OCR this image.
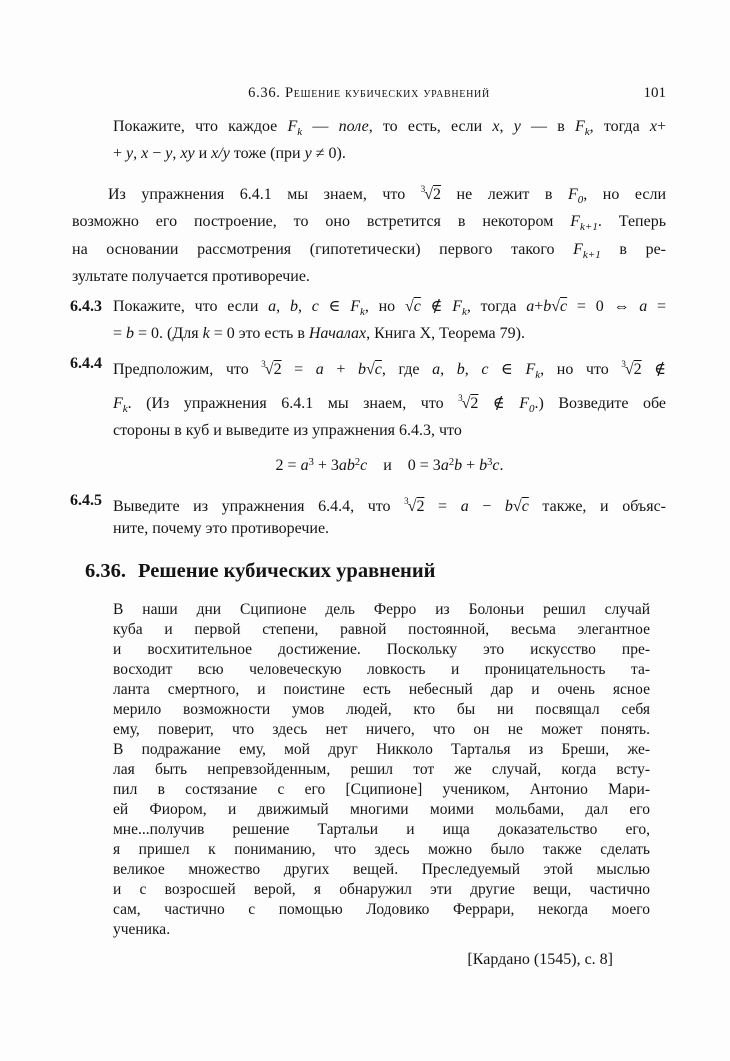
6.36. Решение кубических уравнений	101
Покажите, что каждое $F_k$ — поле, то есть, если x, y — в $F_k$, тогда x+
+ y, x − y, xy и x/y тоже (при y ≠ 0).
Из упражнения 6.4.1 мы знаем, что $^3$√2 не лежит в $F_0$, но если
возможно его построение, то оно встретится в некотором $F_{k+1}$. Теперь
на основании рассмотрения (гипотетически) первого такого $F_{k+1}$ в ре-
зультате получается противоречие.
6.4.3 Покажите, что если a, b, c ∈ $F_k$, но √c ∉ $F_k$, тогда a+b√c = 0 ⇔ a =
= b = 0. (Для k = 0 это есть в Началах, Книга X, Теорема 79).
6.4.4 Предположим, что $^3$√2 = a + b√c, где a, b, c ∈ $F_k$, но что $^3$√2 ∉
$F_k$. (Из упражнения 6.4.1 мы знаем, что $^3$√2 ∉ $F_0$.) Возведите обе
стороны в куб и выведите из упражнения 6.4.3, что
$2 = a^3 + 3ab^2c$ и $0 = 3a^2b + b^3c$.
6.4.5 Выведите из упражнения 6.4.4, что $^3$√2 = a − b√c также, и объяс-
ните, почему это противоречие.
6.36. Решение кубических уравнений
В наши дни Сципионе дель Ферро из Болоньи решил случай
куба и первой степени, равной постоянной, весьма элегантное
и восхитительное достижение. Поскольку это искусство пре-
восходит всю человеческую ловкость и проницательность та-
ланта смертного, и поистине есть небесный дар и очень ясное
мерило возможности умов людей, кто бы ни посвящал себя
ему, поверит, что здесь нет ничего, что он не может понять.
В подражание ему, мой друг Никколо Тарталья из Бреши, же-
лая быть непревзойденным, решил тот же случай, когда всту-
пил в состязание с его [Сципионе] учеником, Антонио Мари-
ей Фиором, и движимый многими моими мольбами, дал его
мне...получив решение Тартальи и ища доказательство его,
я пришел к пониманию, что здесь можно было также сделать
великое множество других вещей. Преследуемый этой мыслью
и с возросшей верой, я обнаружил эти другие вещи, частично
сам, частично с помощью Лодовико Феррари, некогда моего
ученика.
[Кардано (1545), с. 8]
